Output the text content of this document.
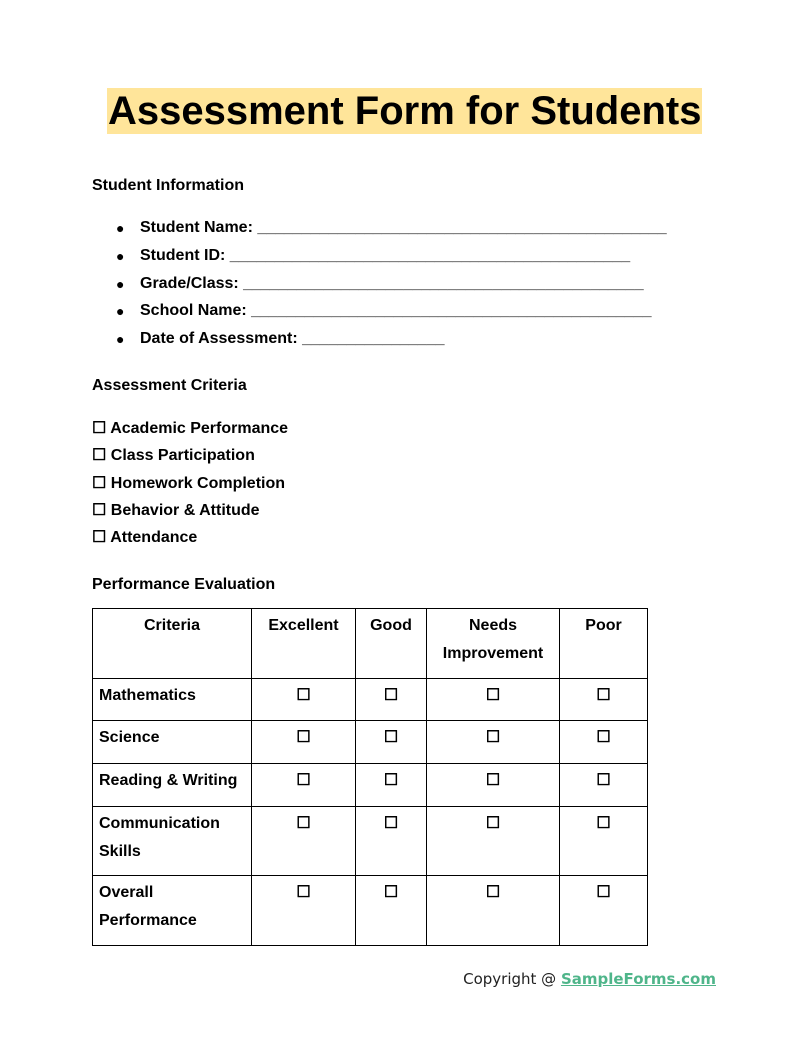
Assessment Form for Students
Student Information
● Student Name: ______________________________________________
● Student ID: _____________________________________________
● Grade/Class: _____________________________________________
● School Name: _____________________________________________
● Date of Assessment: ________________
Assessment Criteria
☐ Academic Performance
☐ Class Participation
☐ Homework Completion
☐ Behavior & Attitude
☐ Attendance
Performance Evaluation
Criteria	Excellent	Good	Needs Improvement	Poor
Mathematics	☐	☐	☐	☐
Science	☐	☐	☐	☐
Reading & Writing	☐	☐	☐	☐
Communication Skills	☐	☐	☐	☐
Overall Performance	☐	☐	☐	☐
Copyright @ SampleForms.com
